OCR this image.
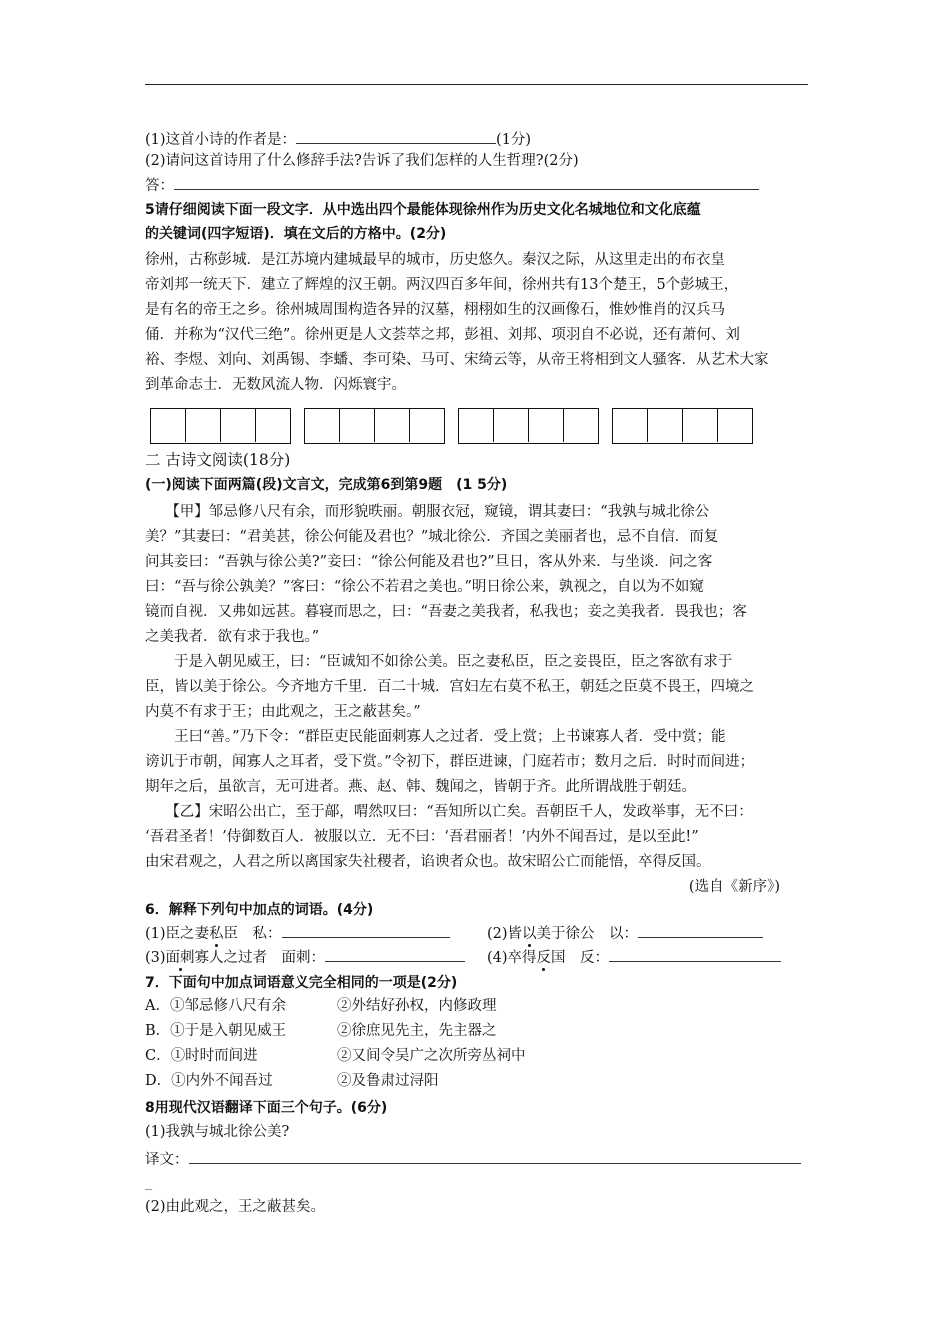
(1)这首小诗的作者是：	(1分)
(2)请问这首诗用了什么修辞手法?告诉了我们怎样的人生哲理?(2分)
答：
5请仔细阅读下面一段文字．从中选出四个最能体现徐州作为历史文化名城地位和文化底蕴
的关键词(四字短语)．填在文后的方格中。(2分)
徐州，古称彭城．是江苏境内建城最早的城市，历史悠久。秦汉之际，从这里走出的布衣皇
帝刘邦一统天下．建立了辉煌的汉王朝。两汉四百多年间，徐州共有13个楚王，5个彭城王，
是有名的帝王之乡。徐州城周围构造各异的汉墓，栩栩如生的汉画像石，惟妙惟肖的汉兵马
俑．并称为“汉代三绝”。徐州更是人文荟萃之邦，彭祖、刘邦、项羽自不必说，还有萧何、刘
裕、李煜、刘向、刘禹锡、李蟠、李可染、马可、宋绮云等，从帝王将相到文人骚客．从艺术大家
到革命志士．无数风流人物．闪烁寰宇。
二 古诗文阅读(18分)
(一)阅读下面两篇(段)文言文，完成第6到第9题　(1 5分)
【甲】邹忌修八尺有余，而形貌昳丽。朝服衣冠，窥镜，谓其妻曰：“我孰与城北徐公
美？”其妻曰：“君美甚，徐公何能及君也？”城北徐公．齐国之美丽者也，忌不自信．而复
问其妾曰：“吾孰与徐公美?”妾曰：“徐公何能及君也?”旦日，客从外来．与坐谈．问之客
曰：“吾与徐公孰美？”客曰：“徐公不若君之美也。”明日徐公来，孰视之，自以为不如窥
镜而自视．又弗如远甚。暮寝而思之，曰：“吾妻之美我者，私我也；妾之美我者．畏我也；客
之美我者．欲有求于我也。”
于是入朝见威王，曰：“臣诚知不如徐公美。臣之妻私臣，臣之妾畏臣，臣之客欲有求于
臣，皆以美于徐公。今齐地方千里．百二十城．宫妇左右莫不私王，朝廷之臣莫不畏王，四境之
内莫不有求于王；由此观之，王之蔽甚矣。”
王曰“善。”乃下令：“群臣吏民能面刺寡人之过者．受上赏；上书谏寡人者．受中赏；能
谤讥于市朝，闻寡人之耳者，受下赏。”令初下，群臣进谏，门庭若市；数月之后．时时而间进；
期年之后，虽欲言，无可进者。燕、赵、韩、魏闻之，皆朝于齐。此所谓战胜于朝廷。
【乙】宋昭公出亡，至于鄗，喟然叹曰：“吾知所以亡矣。吾朝臣千人，发政举事，无不曰：
‘吾君圣者！’侍御数百人．被服以立．无不曰：‘吾君丽者！’内外不闻吾过，是以至此!”
由宋君观之，人君之所以离国家失社稷者，谄谀者众也。故宋昭公亡而能悟，卒得反国。
(选自《新序》)
6．解释下列句中加点的词语。(4分)
(1)臣之妻私臣　私：	(2)皆以美于徐公　以：
(3)面刺寡人之过者　面刺：	(4)卒得反国　反：
7．下面句中加点词语意义完全相同的一项是(2分)
A．①邹忌修八尺有余	②外结好孙权，内修政理
B．①于是入朝见威王	②徐庶见先主，先主器之
C．①时时而间进	②又间令吴广之次所旁丛祠中
D．①内外不闻吾过	②及鲁肃过浔阳
8用现代汉语翻译下面三个句子。(6分)
(1)我孰与城北徐公美?
译文：
_
(2)由此观之，王之蔽甚矣。
